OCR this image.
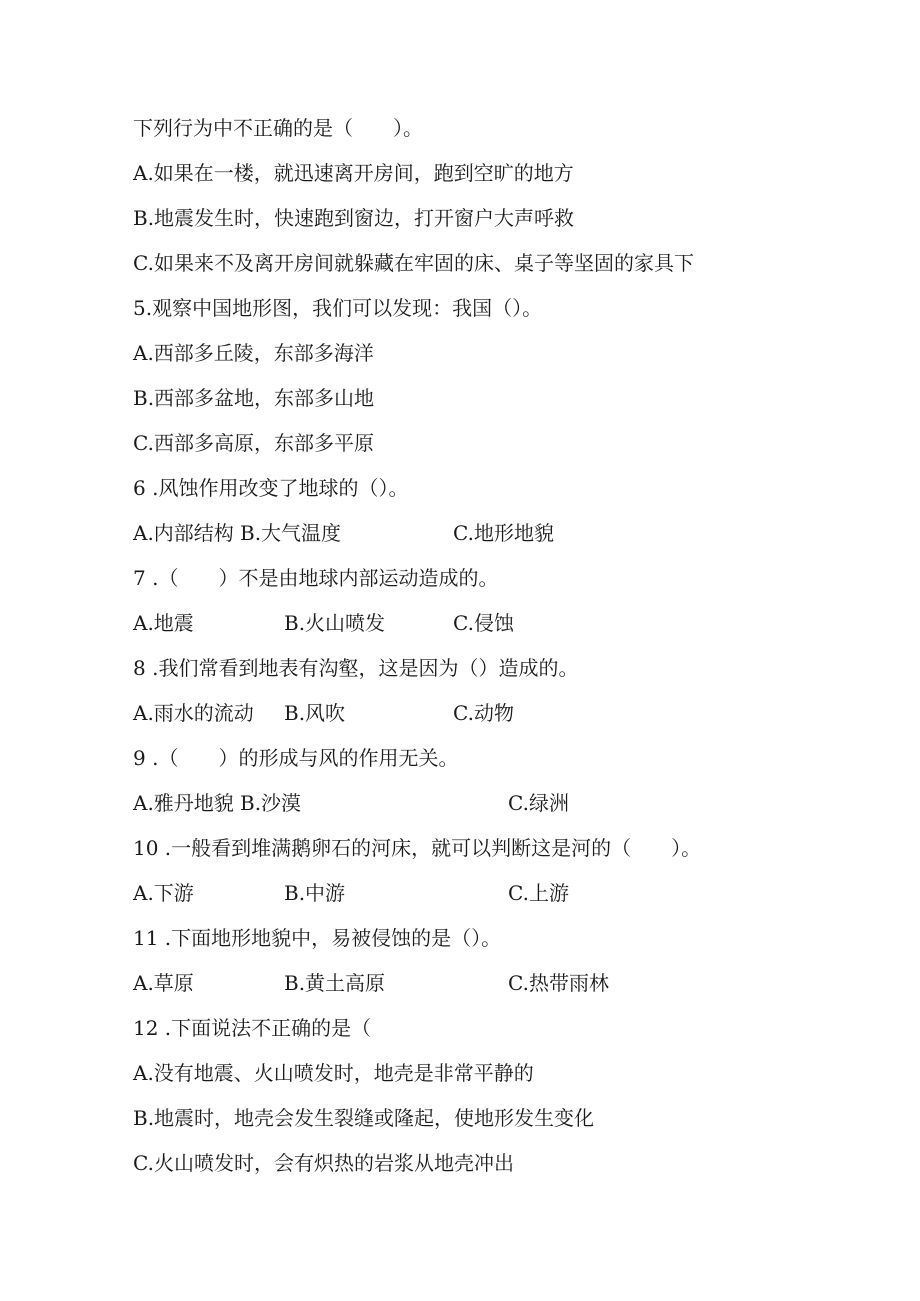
下列行为中不正确的是（　　）。
A.如果在一楼，就迅速离开房间，跑到空旷的地方
B.地震发生时，快速跑到窗边，打开窗户大声呼救
C.如果来不及离开房间就躲藏在牢固的床、桌子等坚固的家具下
5.观察中国地形图，我们可以发现：我国（）。
A.西部多丘陵，东部多海洋
B.西部多盆地，东部多山地
C.西部多高原，东部多平原
6 .风蚀作用改变了地球的（）。
A.内部结构 B.大气温度	C.地形地貌
7 .（　　）不是由地球内部运动造成的。
A.地震	B.火山喷发	C.侵蚀
8 .我们常看到地表有沟壑，这是因为（）造成的。
A.雨水的流动 B.风吹	C.动物
9 .（　　）的形成与风的作用无关。
A.雅丹地貌 B.沙漠	C.绿洲
10 .一般看到堆满鹅卵石的河床，就可以判断这是河的（　　）。
A.下游	B.中游	C.上游
11 .下面地形地貌中，易被侵蚀的是（）。
A.草原	B.黄土高原	C.热带雨林
12 .下面说法不正确的是（
A.没有地震、火山喷发时，地壳是非常平静的
B.地震时，地壳会发生裂缝或隆起，使地形发生变化
C.火山喷发时，会有炽热的岩浆从地壳冲出
